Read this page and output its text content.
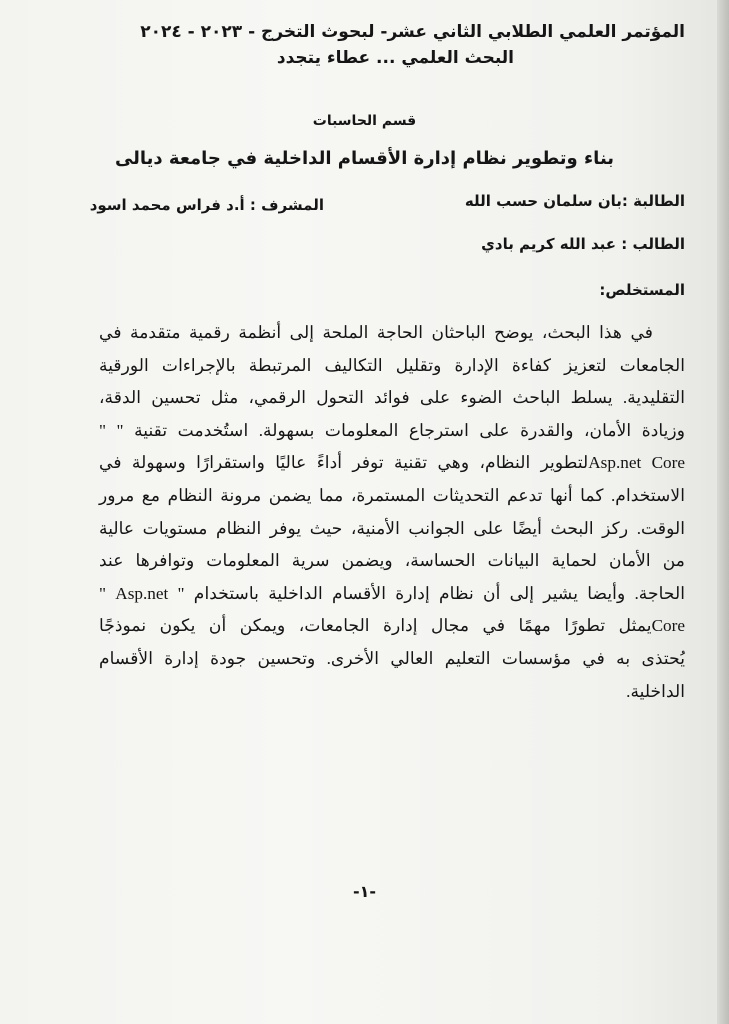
المؤتمر العلمي الطلابي الثاني عشر- لبحوث التخرج - ٢٠٢٣ - ٢٠٢٤
البحث العلمي ... عطاء يتجدد
قسم الحاسبات
بناء وتطوير نظام إدارة الأقسام الداخلية في جامعة ديالى
الطالبة :بان سلمان حسب الله
المشرف : أ.د فراس محمد اسود
الطالب : عبد الله كريم بادي
المستخلص:
في هذا البحث، يوضح الباحثان الحاجة الملحة إلى أنظمة رقمية متقدمة في
الجامعات لتعزيز كفاءة الإدارة وتقليل التكاليف المرتبطة بالإجراءات الورقية
التقليدية. يسلط الباحث الضوء على فوائد التحول الرقمي، مثل تحسين الدقة،
وزيادة الأمان، والقدرة على استرجاع المعلومات بسهولة. استُخدمت تقنية " "
Asp.net Coreلتطوير النظام، وهي تقنية توفر أداءً عاليًا واستقرارًا وسهولة في
الاستخدام. كما أنها تدعم التحديثات المستمرة، مما يضمن مرونة النظام مع مرور
الوقت. ركز البحث أيضًا على الجوانب الأمنية، حيث يوفر النظام مستويات عالية
من الأمان لحماية البيانات الحساسة، ويضمن سرية المعلومات وتوافرها عند
الحاجة. وأيضا يشير إلى أن نظام إدارة الأقسام الداخلية باستخدام " Asp.net "
Coreيمثل تطورًا مهمًا في مجال إدارة الجامعات، ويمكن أن يكون نموذجًا
يُحتذى به في مؤسسات التعليم العالي الأخرى. وتحسين جودة إدارة الأقسام
الداخلية.
-١-
